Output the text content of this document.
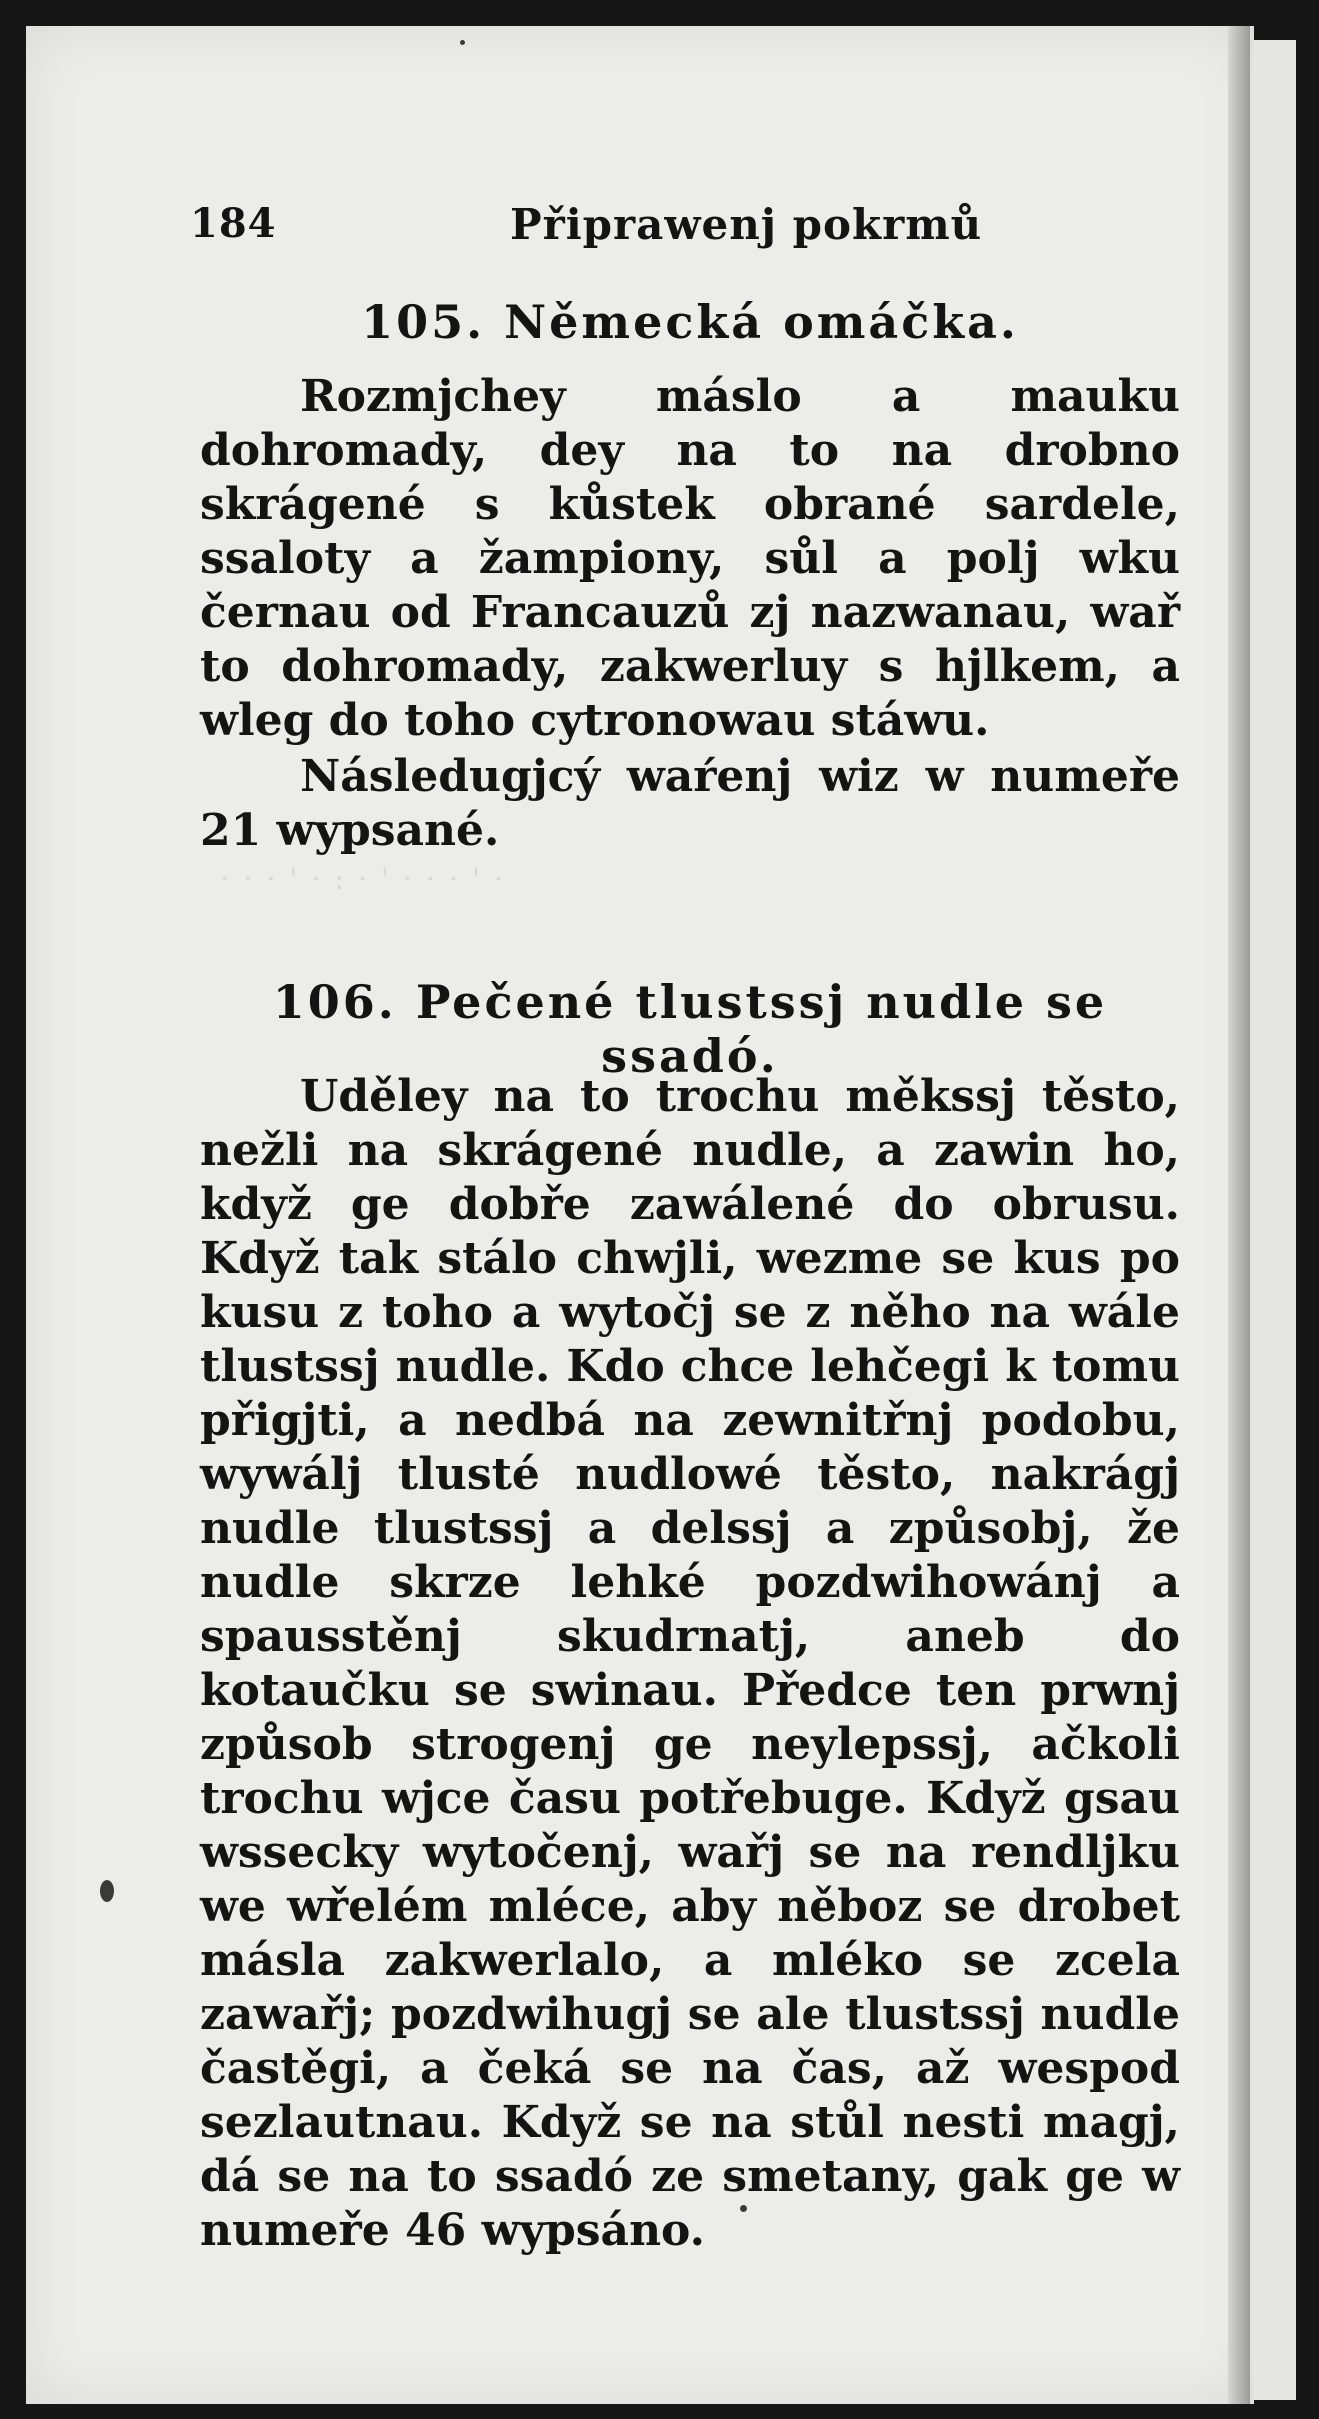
184	Připrawenj pokrmů
105. Německá omáčka.

Rozmjchey máslo a mauku dohromady, dey na to na drobno skrágené s kůstek obrané sardele, ssaloty a žampiony, sůl a polj wku černau od Francauzů zj nazwanau, wař to dohromady, zakwerluy s hjlkem, a wleg do toho cytronowau stáwu.

Následugjcý waŕenj wiz w numeře 21 wypsané.

· · · ' · : · ' · · · ' ·
106. Pečené tlustssj nudle se ssadó.

Uděley na to trochu měkssj těsto, nežli na skrágené nudle, a zawin ho, když ge dobře zawálené do obrusu. Když tak stálo chwjli, wezme se kus po kusu z toho a wytočj se z něho na wále tlustssj nudle. Kdo chce lehčegi k tomu přigjti, a nedbá na zewnitřnj podobu, wywálj tlusté nudlowé těsto, nakrágj nudle tlustssj a delssj a způsobj, že nudle skrze lehké pozdwihowánj a spausstěnj skudrnatj, aneb do kotaučku se swinau. Předce ten prwnj způsob strogenj ge neylepssj, ačkoli trochu wjce času potřebuge. Když gsau wssecky wytočenj, wařj se na rendljku we wřelém mléce, aby něboz se drobet másla zakwerlalo, a mléko se zcela zawařj; pozdwihugj se ale tlustssj nudle častěgi, a čeká se na čas, až wespod sezlautnau. Když se na stůl nesti magj, dá se na to ssadó ze smetany, gak ge w numeře 46 wypsáno.
